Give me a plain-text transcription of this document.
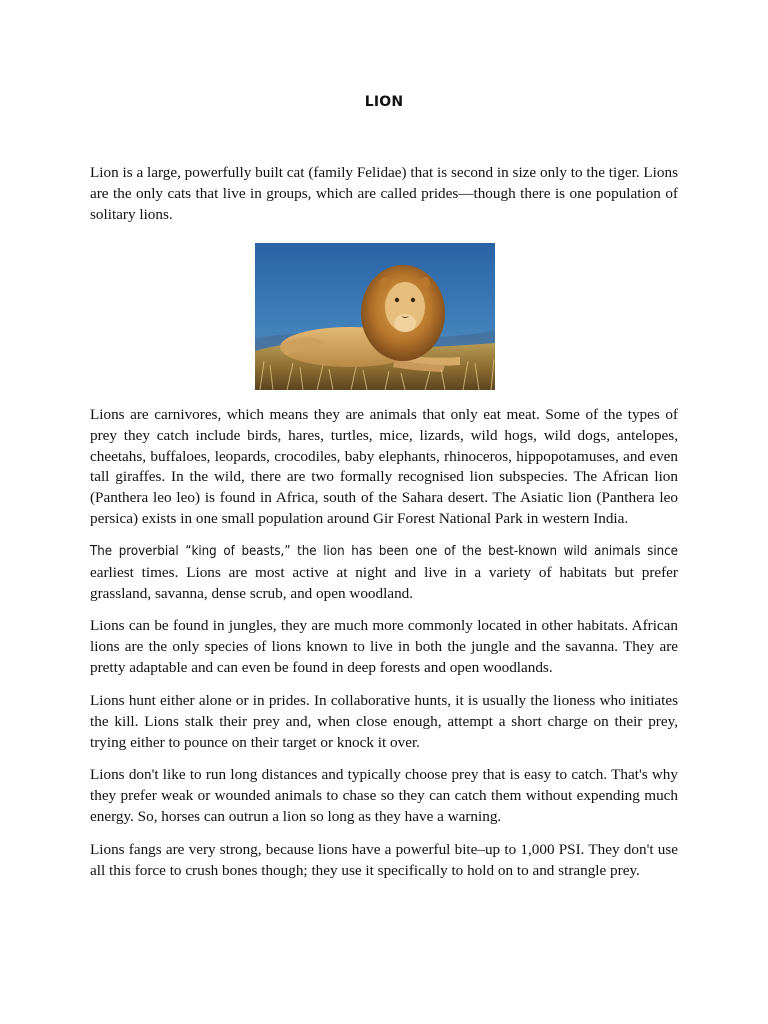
LION

Lion is a large, powerfully built cat (family Felidae) that is second in size only to the tiger. Lions are the only cats that live in groups, which are called prides—though there is one population of solitary lions.

Lions are carnivores, which means they are animals that only eat meat. Some of the types of prey they catch include birds, hares, turtles, mice, lizards, wild hogs, wild dogs, antelopes, cheetahs, buffaloes, leopards, crocodiles, baby elephants, rhinoceros, hippopotamuses, and even tall giraffes. In the wild, there are two formally recognised lion subspecies. The African lion (Panthera leo leo) is found in Africa, south of the Sahara desert. The Asiatic lion (Panthera leo persica) exists in one small population around Gir Forest National Park in western India.

The proverbial “king of beasts,” the lion has been one of the best-known wild animals since earliest times. Lions are most active at night and live in a variety of habitats but prefer grassland, savanna, dense scrub, and open woodland.

Lions can be found in jungles, they are much more commonly located in other habitats. African lions are the only species of lions known to live in both the jungle and the savanna. They are pretty adaptable and can even be found in deep forests and open woodlands.

Lions hunt either alone or in prides. In collaborative hunts, it is usually the lioness who initiates the kill. Lions stalk their prey and, when close enough, attempt a short charge on their prey, trying either to pounce on their target or knock it over.

Lions don't like to run long distances and typically choose prey that is easy to catch. That's why they prefer weak or wounded animals to chase so they can catch them without expending much energy. So, horses can outrun a lion so long as they have a warning.

Lions fangs are very strong, because lions have a powerful bite–up to 1,000 PSI. They don't use all this force to crush bones though; they use it specifically to hold on to and strangle prey.
